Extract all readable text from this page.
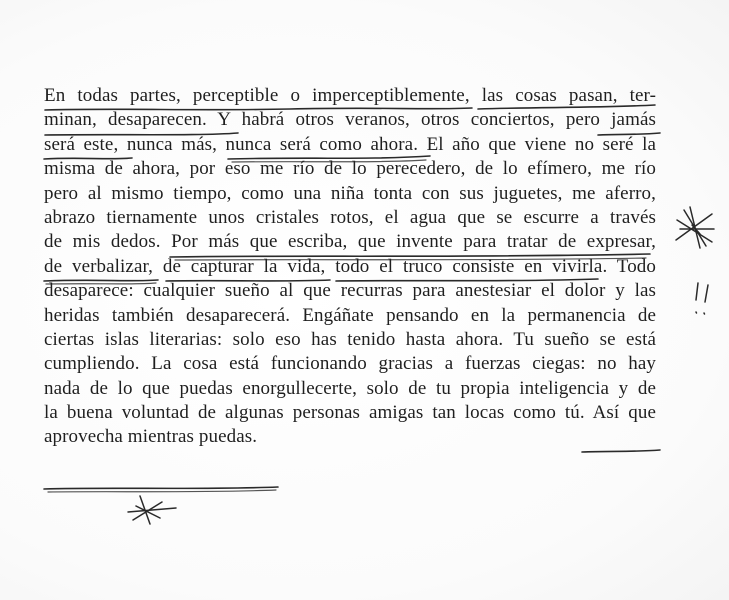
En todas partes, perceptible o imperceptiblemente, las cosas pasan, ter-
minan, desaparecen. Y habrá otros veranos, otros conciertos, pero jamás
será este, nunca más, nunca será como ahora. El año que viene no seré la
misma de ahora, por eso me río de lo perecedero, de lo efímero, me río
pero al mismo tiempo, como una niña tonta con sus juguetes, me aferro,
abrazo tiernamente unos cristales rotos, el agua que se escurre a través
de mis dedos. Por más que escriba, que invente para tratar de expresar,
de verbalizar, de capturar la vida, todo el truco consiste en vivirla. Todo
desaparece: cualquier sueño al que recurras para anestesiar el dolor y las
heridas también desaparecerá. Engáñate pensando en la permanencia de
ciertas islas literarias: solo eso has tenido hasta ahora. Tu sueño se está
cumpliendo. La cosa está funcionando gracias a fuerzas ciegas: no hay
nada de lo que puedas enorgullecerte, solo de tu propia inteligencia y de
la buena voluntad de algunas personas amigas tan locas como tú. Así que
aprovecha mientras puedas.
